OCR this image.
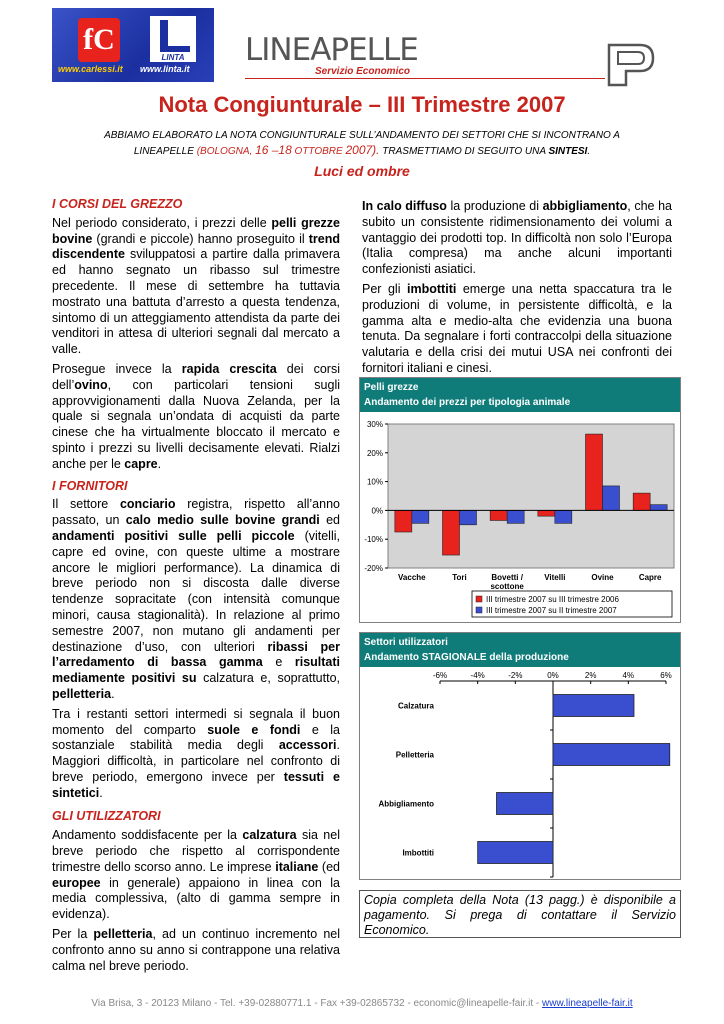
fC
LINTA
www.carlessi.it www.linta.it
LINEAPELLE
Servizio Economico
Nota Congiunturale – III Trimestre 2007
ABBIAMO ELABORATO LA NOTA CONGIUNTURALE SULL’ANDAMENTO DEI SETTORI CHE SI INCONTRANO A
LINEAPELLE (BOLOGNA, 16 –18 OTTOBRE 2007). TRASMETTIAMO DI SEGUITO UNA SINTESI.
Luci ed ombre
I CORSI DEL GREZZO

Nel periodo considerato, i prezzi delle pelli grezze bovine (grandi e piccole) hanno proseguito il trend discendente sviluppatosi a partire dalla primavera ed hanno segnato un ribasso sul trimestre precedente. Il mese di settembre ha tuttavia mostrato una battuta d’arresto a questa tendenza, sintomo di un atteggiamento attendista da parte dei venditori in attesa di ulteriori segnali dal mercato a valle.

Prosegue invece la rapida crescita dei corsi dell’ovino, con particolari tensioni sugli approvvigionamenti dalla Nuova Zelanda, per la quale si segnala un’ondata di acquisti da parte cinese che ha virtualmente bloccato il mercato e spinto i prezzi su livelli decisamente elevati. Rialzi anche per le capre.

I FORNITORI

Il settore conciario registra, rispetto all’anno passato, un calo medio sulle bovine grandi ed andamenti positivi sulle pelli piccole (vitelli, capre ed ovine, con queste ultime a mostrare ancore le migliori performance). La dinamica di breve periodo non si discosta dalle diverse tendenze sopracitate (con intensità comunque minori, causa stagionalità). In relazione al primo semestre 2007, non mutano gli andamenti per destinazione d’uso, con ulteriori ribassi per l’arredamento di bassa gamma e risultati mediamente positivi su calzatura e, soprattutto, pelletteria.

Tra i restanti settori intermedi si segnala il buon momento del comparto suole e fondi e la sostanziale stabilità media degli accessori. Maggiori difficoltà, in particolare nel confronto di breve periodo, emergono invece per tessuti e sintetici.

GLI UTILIZZATORI

Andamento soddisfacente per la calzatura sia nel breve periodo che rispetto al corrispondente trimestre dello scorso anno. Le imprese italiane (ed europee in generale) appaiono in linea con la media complessiva, (alto di gamma sempre in evidenza).

Per la pelletteria, ad un continuo incremento nel confronto anno su anno si contrappone una relativa calma nel breve periodo.

In calo diffuso la produzione di abbigliamento, che ha subito un consistente ridimensionamento dei volumi a vantaggio dei prodotti top. In difficoltà non solo l’Europa (Italia compresa) ma anche alcuni importanti confezionisti asiatici.

Per gli imbottiti emerge una netta spaccatura tra le produzioni di volume, in persistente difficoltà, e la gamma alta e medio-alta che evidenzia una buona tenuta. Da segnalare i forti contraccolpi della situazione valutaria e della crisi dei mutui USA nei confronti dei fornitori italiani e cinesi.

Pelli grezze
Andamento dei prezzi per tipologia animale
-20%
-10%
0%
10%
20%
30%
Vacche	Tori	Bovetti /
scottone
Vitelli	Ovine	Capre
III trimestre 2007 su III trimestre 2006
III trimestre 2007 su II trimestre 2007
Settori utilizzatori
Andamento STAGIONALE della produzione
-6%	-4%	-2%	0%	2%	4%	6%
Calzatura
Pelletteria
Abbigliamento
Imbottiti
Copia completa della Nota (13 pagg.) è disponibile a pagamento. Si prega di contattare il Servizio Economico.
Via Brisa, 3 - 20123 Milano - Tel. +39-02880771.1 - Fax +39-02865732 - economic@lineapelle-fair.it - www.lineapelle-fair.it
